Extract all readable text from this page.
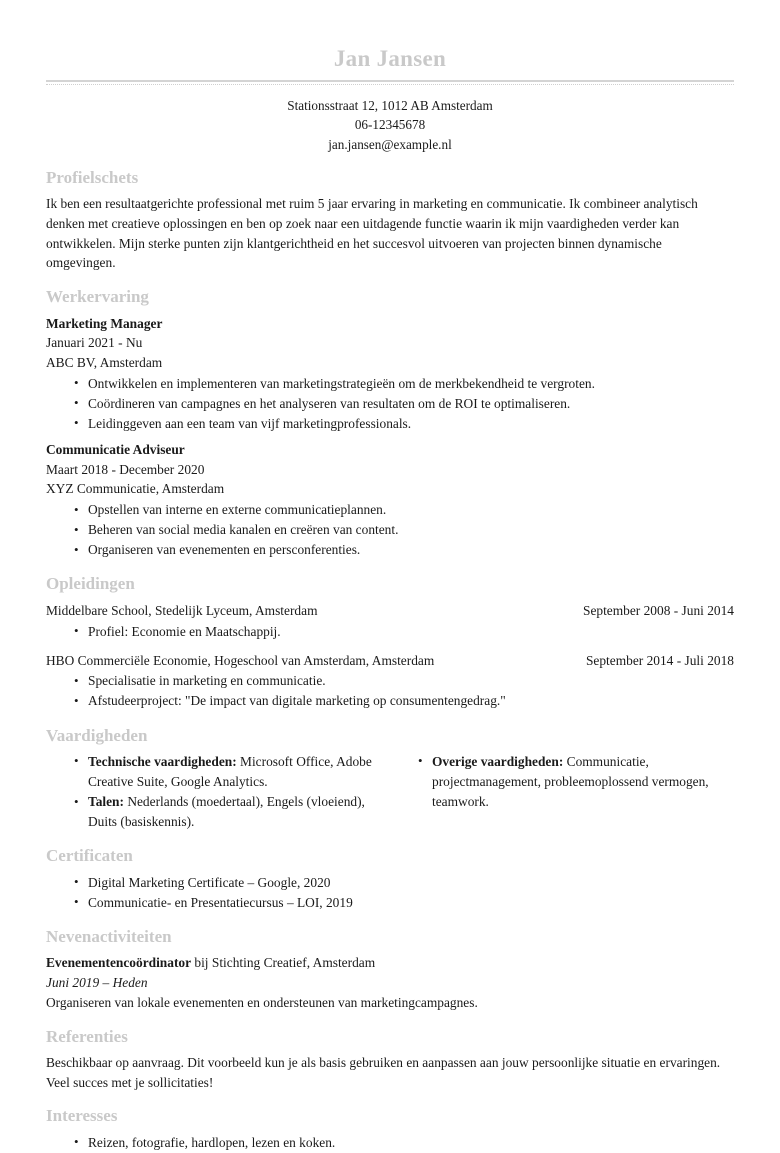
Jan Jansen
Stationsstraat 12, 1012 AB Amsterdam
06-12345678
jan.jansen@example.nl
Profielschets

Ik ben een resultaatgerichte professional met ruim 5 jaar ervaring in marketing en communicatie. Ik combineer analytisch denken met creatieve oplossingen en ben op zoek naar een uitdagende functie waarin ik mijn vaardigheden verder kan ontwikkelen. Mijn sterke punten zijn klantgerichtheid en het succesvol uitvoeren van projecten binnen dynamische omgevingen.

Werkervaring
Marketing Manager
Januari 2021 - Nu
ABC BV, Amsterdam
• Ontwikkelen en implementeren van marketingstrategieën om de merkbekendheid te vergroten.
• Coördineren van campagnes en het analyseren van resultaten om de ROI te optimaliseren.
• Leidinggeven aan een team van vijf marketingprofessionals.
Communicatie Adviseur
Maart 2018 - December 2020
XYZ Communicatie, Amsterdam
• Opstellen van interne en externe communicatieplannen.
• Beheren van social media kanalen en creëren van content.
• Organiseren van evenementen en persconferenties.
Opleidingen
Middelbare School, Stedelijk Lyceum, Amsterdam	September 2008 - Juni 2014
• Profiel: Economie en Maatschappij.
HBO Commerciële Economie, Hogeschool van Amsterdam, Amsterdam	September 2014 - Juli 2018
• Specialisatie in marketing en communicatie.
• Afstudeerproject: "De impact van digitale marketing op consumentengedrag."
Vaardigheden
• Technische vaardigheden: Microsoft Office, Adobe Creative Suite, Google Analytics.
• Talen: Nederlands (moedertaal), Engels (vloeiend), Duits (basiskennis).
• Overige vaardigheden: Communicatie, projectmanagement, probleemoplossend vermogen, teamwork.
Certificaten
• Digital Marketing Certificate – Google, 2020
• Communicatie- en Presentatiecursus – LOI, 2019
Nevenactiviteiten
Evenementencoördinator bij Stichting Creatief, Amsterdam
Juni 2019 – Heden
Organiseren van lokale evenementen en ondersteunen van marketingcampagnes.
Referenties

Beschikbaar op aanvraag. Dit voorbeeld kun je als basis gebruiken en aanpassen aan jouw persoonlijke situatie en ervaringen. Veel succes met je sollicitaties!

Interesses
• Reizen, fotografie, hardlopen, lezen en koken.
